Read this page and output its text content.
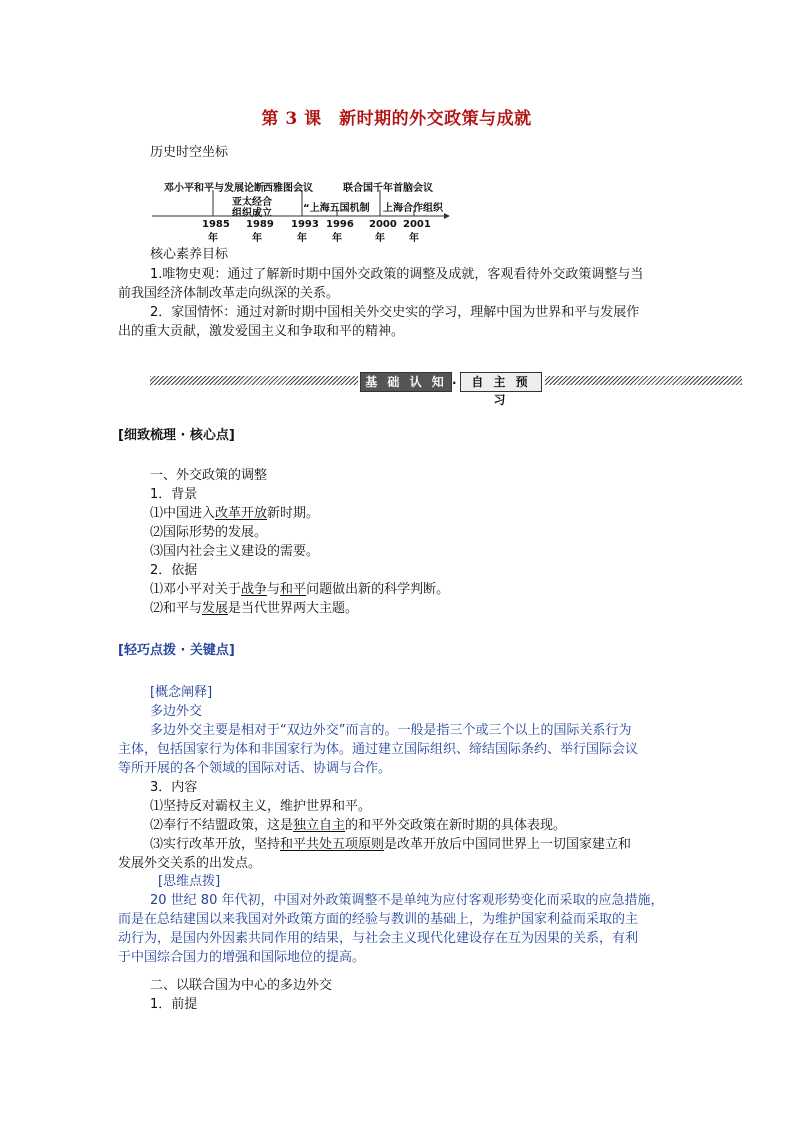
第 3 课　新时期的外交政策与成就
历史时空坐标
邓小平和平与发展论断 西雅图会议	联合国千年首脑会议
亚太经合
组织成立	“上海五国机制 上海合作组织
1985 1989 1993 1996 2000 2001
年	年	年	年	年 年
核心素养目标
1.唯物史观：通过了解新时期中国外交政策的调整及成就，客观看待外交政策调整与当
前我国经济体制改革走向纵深的关系。
2．家国情怀：通过对新时期中国相关外交史实的学习，理解中国为世界和平与发展作
出的重大贡献，激发爱国主义和争取和平的精神。
基 础 认 知 ·	自 主 预 习
[细致梳理 · 核心点]
一、外交政策的调整
1．背景
⑴中国进入改革开放新时期。
⑵国际形势的发展。
⑶国内社会主义建设的需要。
2．依据
⑴邓小平对关于战争与和平问题做出新的科学判断。
⑵和平与发展是当代世界两大主题。
[轻巧点拨 · 关键点]
[概念阐释]
多边外交
多边外交主要是相对于“双边外交”而言的。一般是指三个或三个以上的国际关系行为
主体，包括国家行为体和非国家行为体。通过建立国际组织、缔结国际条约、举行国际会议
等所开展的各个领域的国际对话、协调与合作。
3．内容
⑴坚持反对霸权主义，维护世界和平。
⑵奉行不结盟政策，这是独立自主的和平外交政策在新时期的具体表现。
⑶实行改革开放，坚持和平共处五项原则是改革开放后中国同世界上一切国家建立和
发展外交关系的出发点。
[思维点拨]
20 世纪 80 年代初，中国对外政策调整不是单纯为应付客观形势变化而采取的应急措施，
而是在总结建国以来我国对外政策方面的经验与教训的基础上，为维护国家利益而采取的主
动行为，是国内外因素共同作用的结果，与社会主义现代化建设存在互为因果的关系，有利
于中国综合国力的增强和国际地位的提高。
二、以联合国为中心的多边外交
1．前提
